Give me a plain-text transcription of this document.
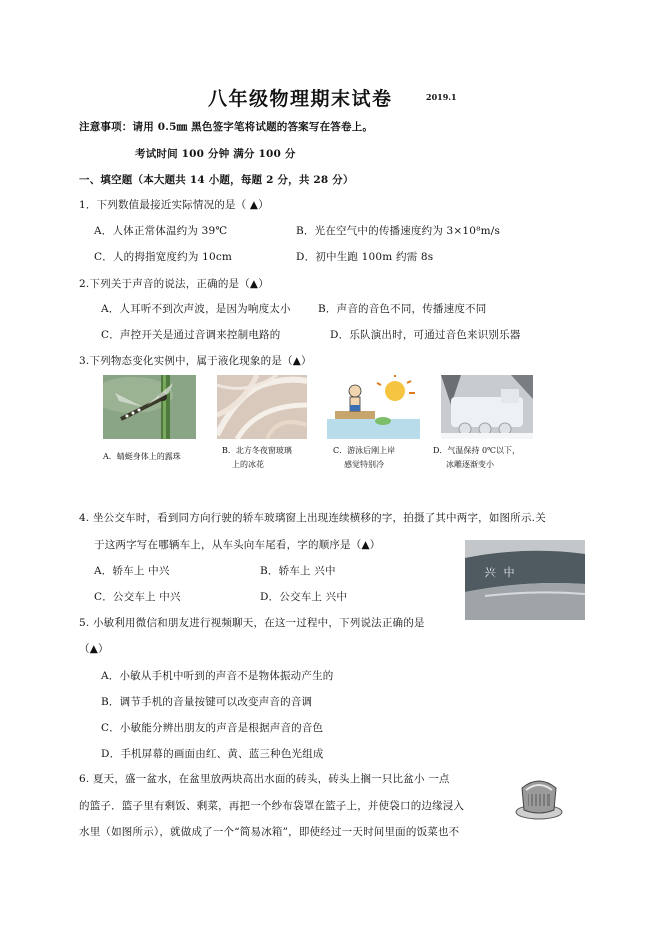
八年级物理期末试卷	2019.1
注意事项：请用 0.5㎜ 黑色签字笔将试题的答案写在答卷上。
考试时间 100 分钟 满分 100 分
一、填空题（本大题共 14 小题，每题 2 分，共 28 分）
1．下列数值最接近实际情况的是（ ▲）
A．人体正常体温约为 39℃	B．光在空气中的传播速度约为 3×10⁸m/s
C．人的拇指宽度约为 10cm	D．初中生跑 100m 约需 8s
2.下列关于声音的说法，正确的是（▲）
A．人耳听不到次声波，是因为响度太小	B．声音的音色不同，传播速度不同
C．声控开关是通过音调来控制电路的	D．乐队演出时，可通过音色来识别乐器
3.下列物态变化实例中，属于液化现象的是（▲）
A．蜻蜓身体上的露珠
B．北方冬夜窗玻璃
上的冰花
C．游泳后刚上岸
感觉特别冷
D．气温保持 0℃以下，
冰雕逐渐变小
4. 坐公交车时，看到同方向行驶的轿车玻璃窗上出现连续横移的字，拍摄了其中两字，如图所示.关
于这两字写在哪辆车上，从车头向车尾看，字的顺序是（▲）
A．轿车上 中兴	B．轿车上 兴中
C．公交车上 中兴	D．公交车上 兴中
中 兴
5. 小敏利用微信和朋友进行视频聊天，在这一过程中，下列说法正确的是
（▲）
A．小敏从手机中听到的声音不是物体振动产生的
B．调节手机的音量按键可以改变声音的音调
C．小敏能分辨出朋友的声音是根据声音的音色
D．手机屏幕的画面由红、黄、蓝三种色光组成
6. 夏天，盛一盆水，在盆里放两块高出水面的砖头，砖头上搁一只比盆小 一点
的篮子．篮子里有剩饭、剩菜，再把一个纱布袋罩在篮子上，并使袋口的边缘浸入
水里（如图所示），就做成了一个“简易冰箱”，即使经过一天时间里面的饭菜也不
